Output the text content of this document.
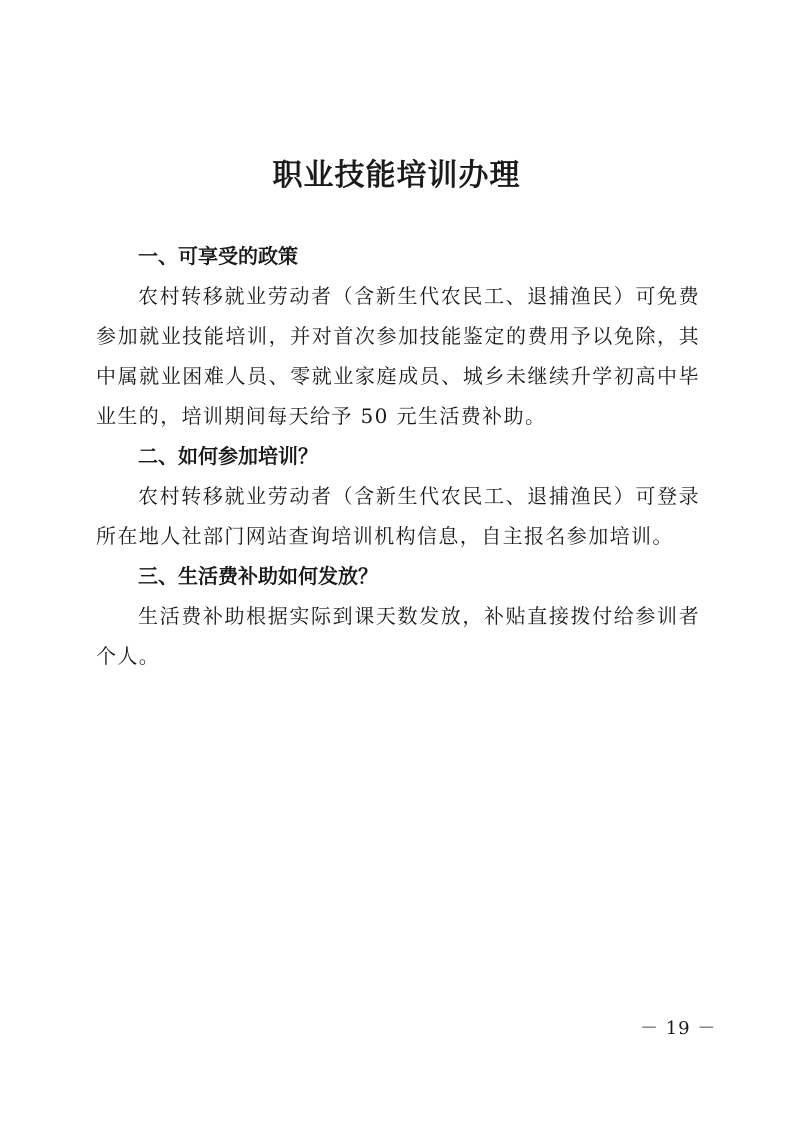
职业技能培训办理

一、可享受的政策

农村转移就业劳动者（含新生代农民工、退捕渔民）可免费参加就业技能培训，并对首次参加技能鉴定的费用予以免除，其中属就业困难人员、零就业家庭成员、城乡未继续升学初高中毕业生的，培训期间每天给予 50 元生活费补助。

二、如何参加培训？

农村转移就业劳动者（含新生代农民工、退捕渔民）可登录所在地人社部门网站查询培训机构信息，自主报名参加培训。

三、生活费补助如何发放？

生活费补助根据实际到课天数发放，补贴直接拨付给参训者个人。

－ 19 －
